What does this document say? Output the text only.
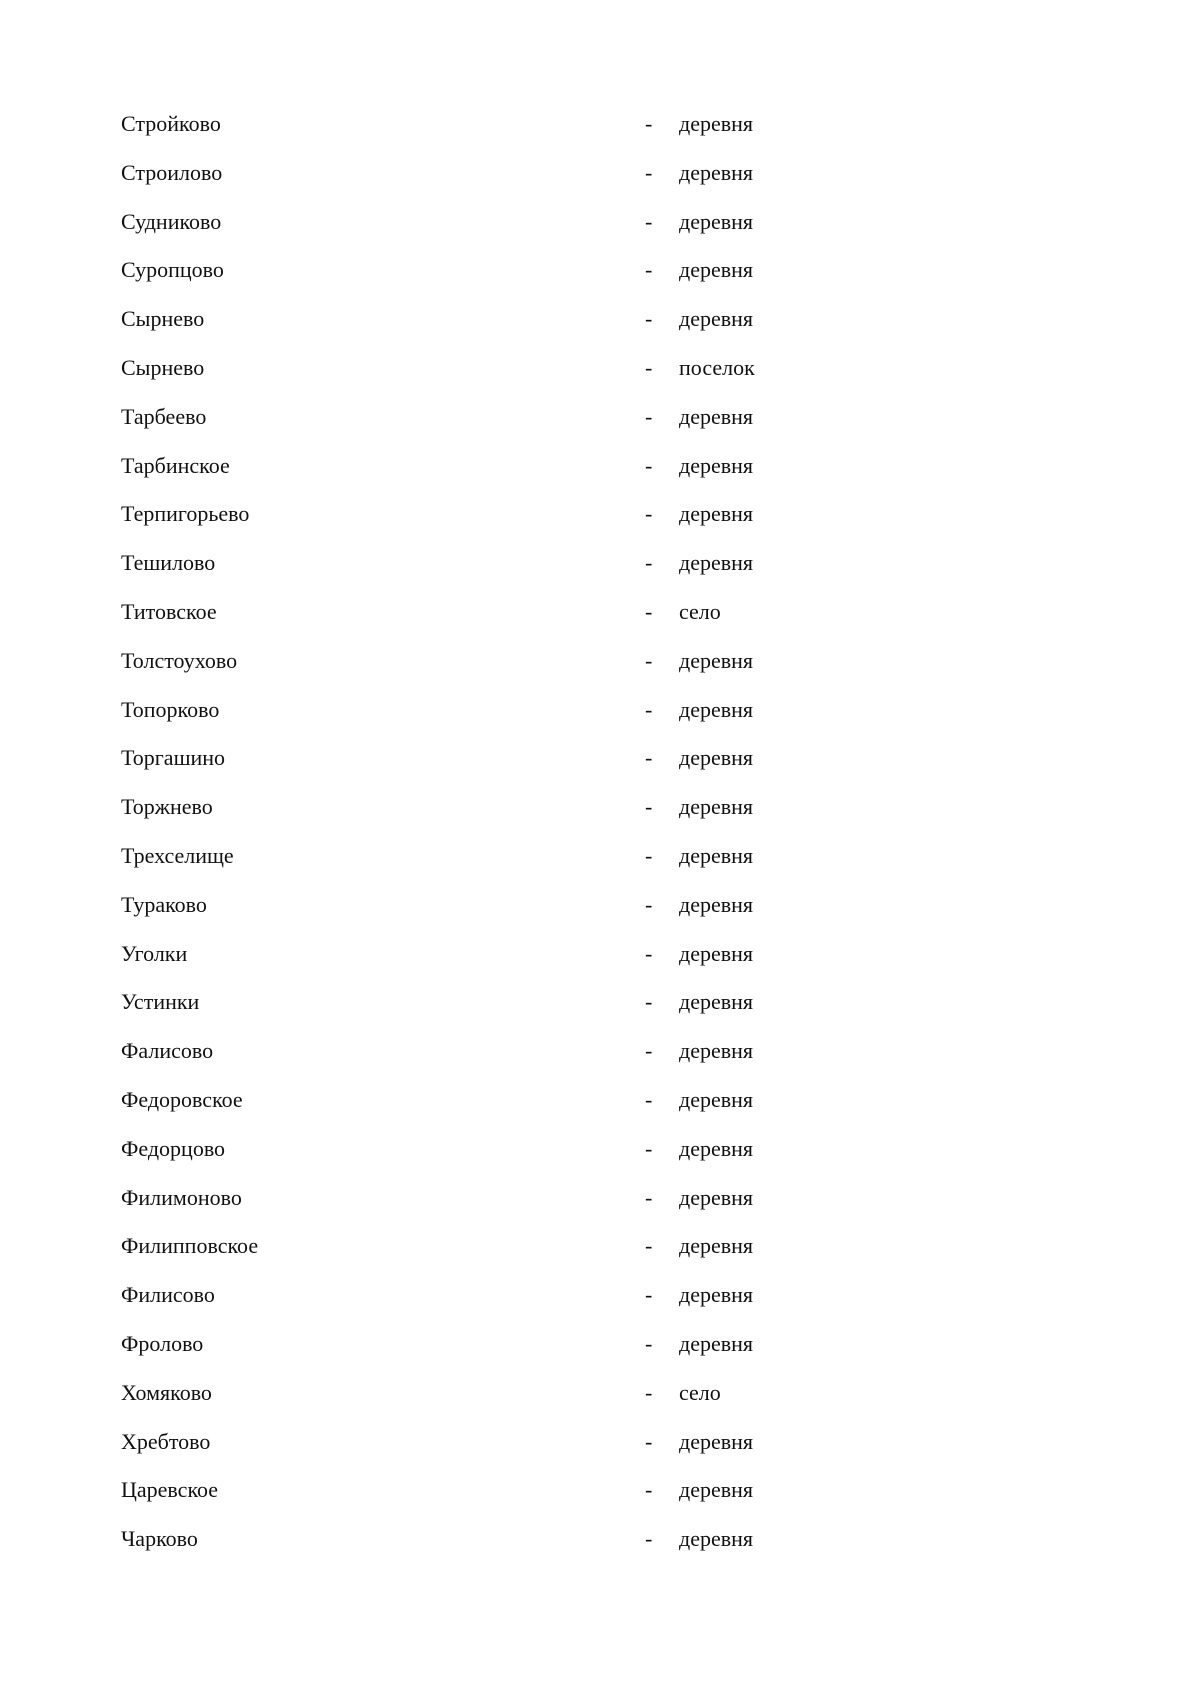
Стройково	- деревня
Строилово	- деревня
Судниково	- деревня
Суропцово	- деревня
Сырнево	- деревня
Сырнево	- поселок
Тарбеево	- деревня
Тарбинское	- деревня
Терпигорьево	- деревня
Тешилово	- деревня
Титовское	- село
Толстоухово	- деревня
Топорково	- деревня
Торгашино	- деревня
Торжнево	- деревня
Трехселище	- деревня
Тураково	- деревня
Уголки	- деревня
Устинки	- деревня
Фалисово	- деревня
Федоровское	- деревня
Федорцово	- деревня
Филимоново	- деревня
Филипповское	- деревня
Филисово	- деревня
Фролово	- деревня
Хомяково	- село
Хребтово	- деревня
Царевское	- деревня
Чарково	- деревня
